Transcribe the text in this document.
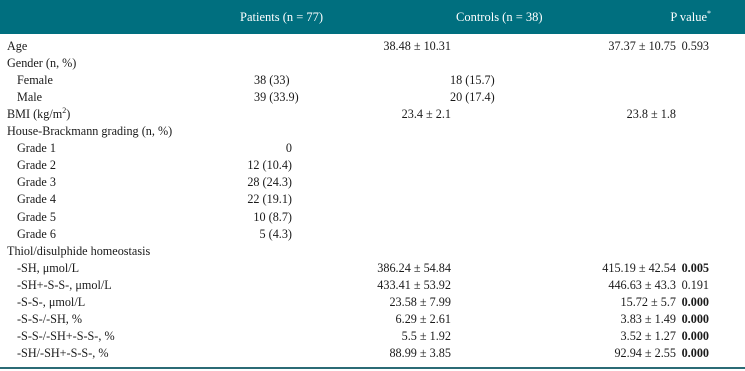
Patients (n = 77)	Controls (n = 38)	P value*
Age	38.48 ± 10.31	37.37 ± 10.75 0.593
Gender (n, %)
Female	38 (33)	18 (15.7)
Male	39 (33.9)	20 (17.4)
BMI $(kg/m^2)$	23.4 ± 2.1	23.8 ± 1.8
House-Brackmann grading (n, %)
Grade 1	0
Grade 2	12 (10.4)
Grade 3	28 (24.3)
Grade 4	22 (19.1)
Grade 5	10 (8.7)
Grade 6	5 (4.3)
Thiol/disulphide homeostasis
-SH, μmol/L	386.24 ± 54.84	415.19 ± 42.54 0.005
-SH+-S-S-, μmol/L	433.41 ± 53.92	446.63 ± 43.3 0.191
-S-S-, μmol/L	23.58 ± 7.99	15.72 ± 5.7 0.000
-S-S-/-SH, %	6.29 ± 2.61	3.83 ± 1.49 0.000
-S-S-/-SH+-S-S-, %	5.5 ± 1.92	3.52 ± 1.27 0.000
-SH/-SH+-S-S-, %	88.99 ± 3.85	92.94 ± 2.55 0.000
